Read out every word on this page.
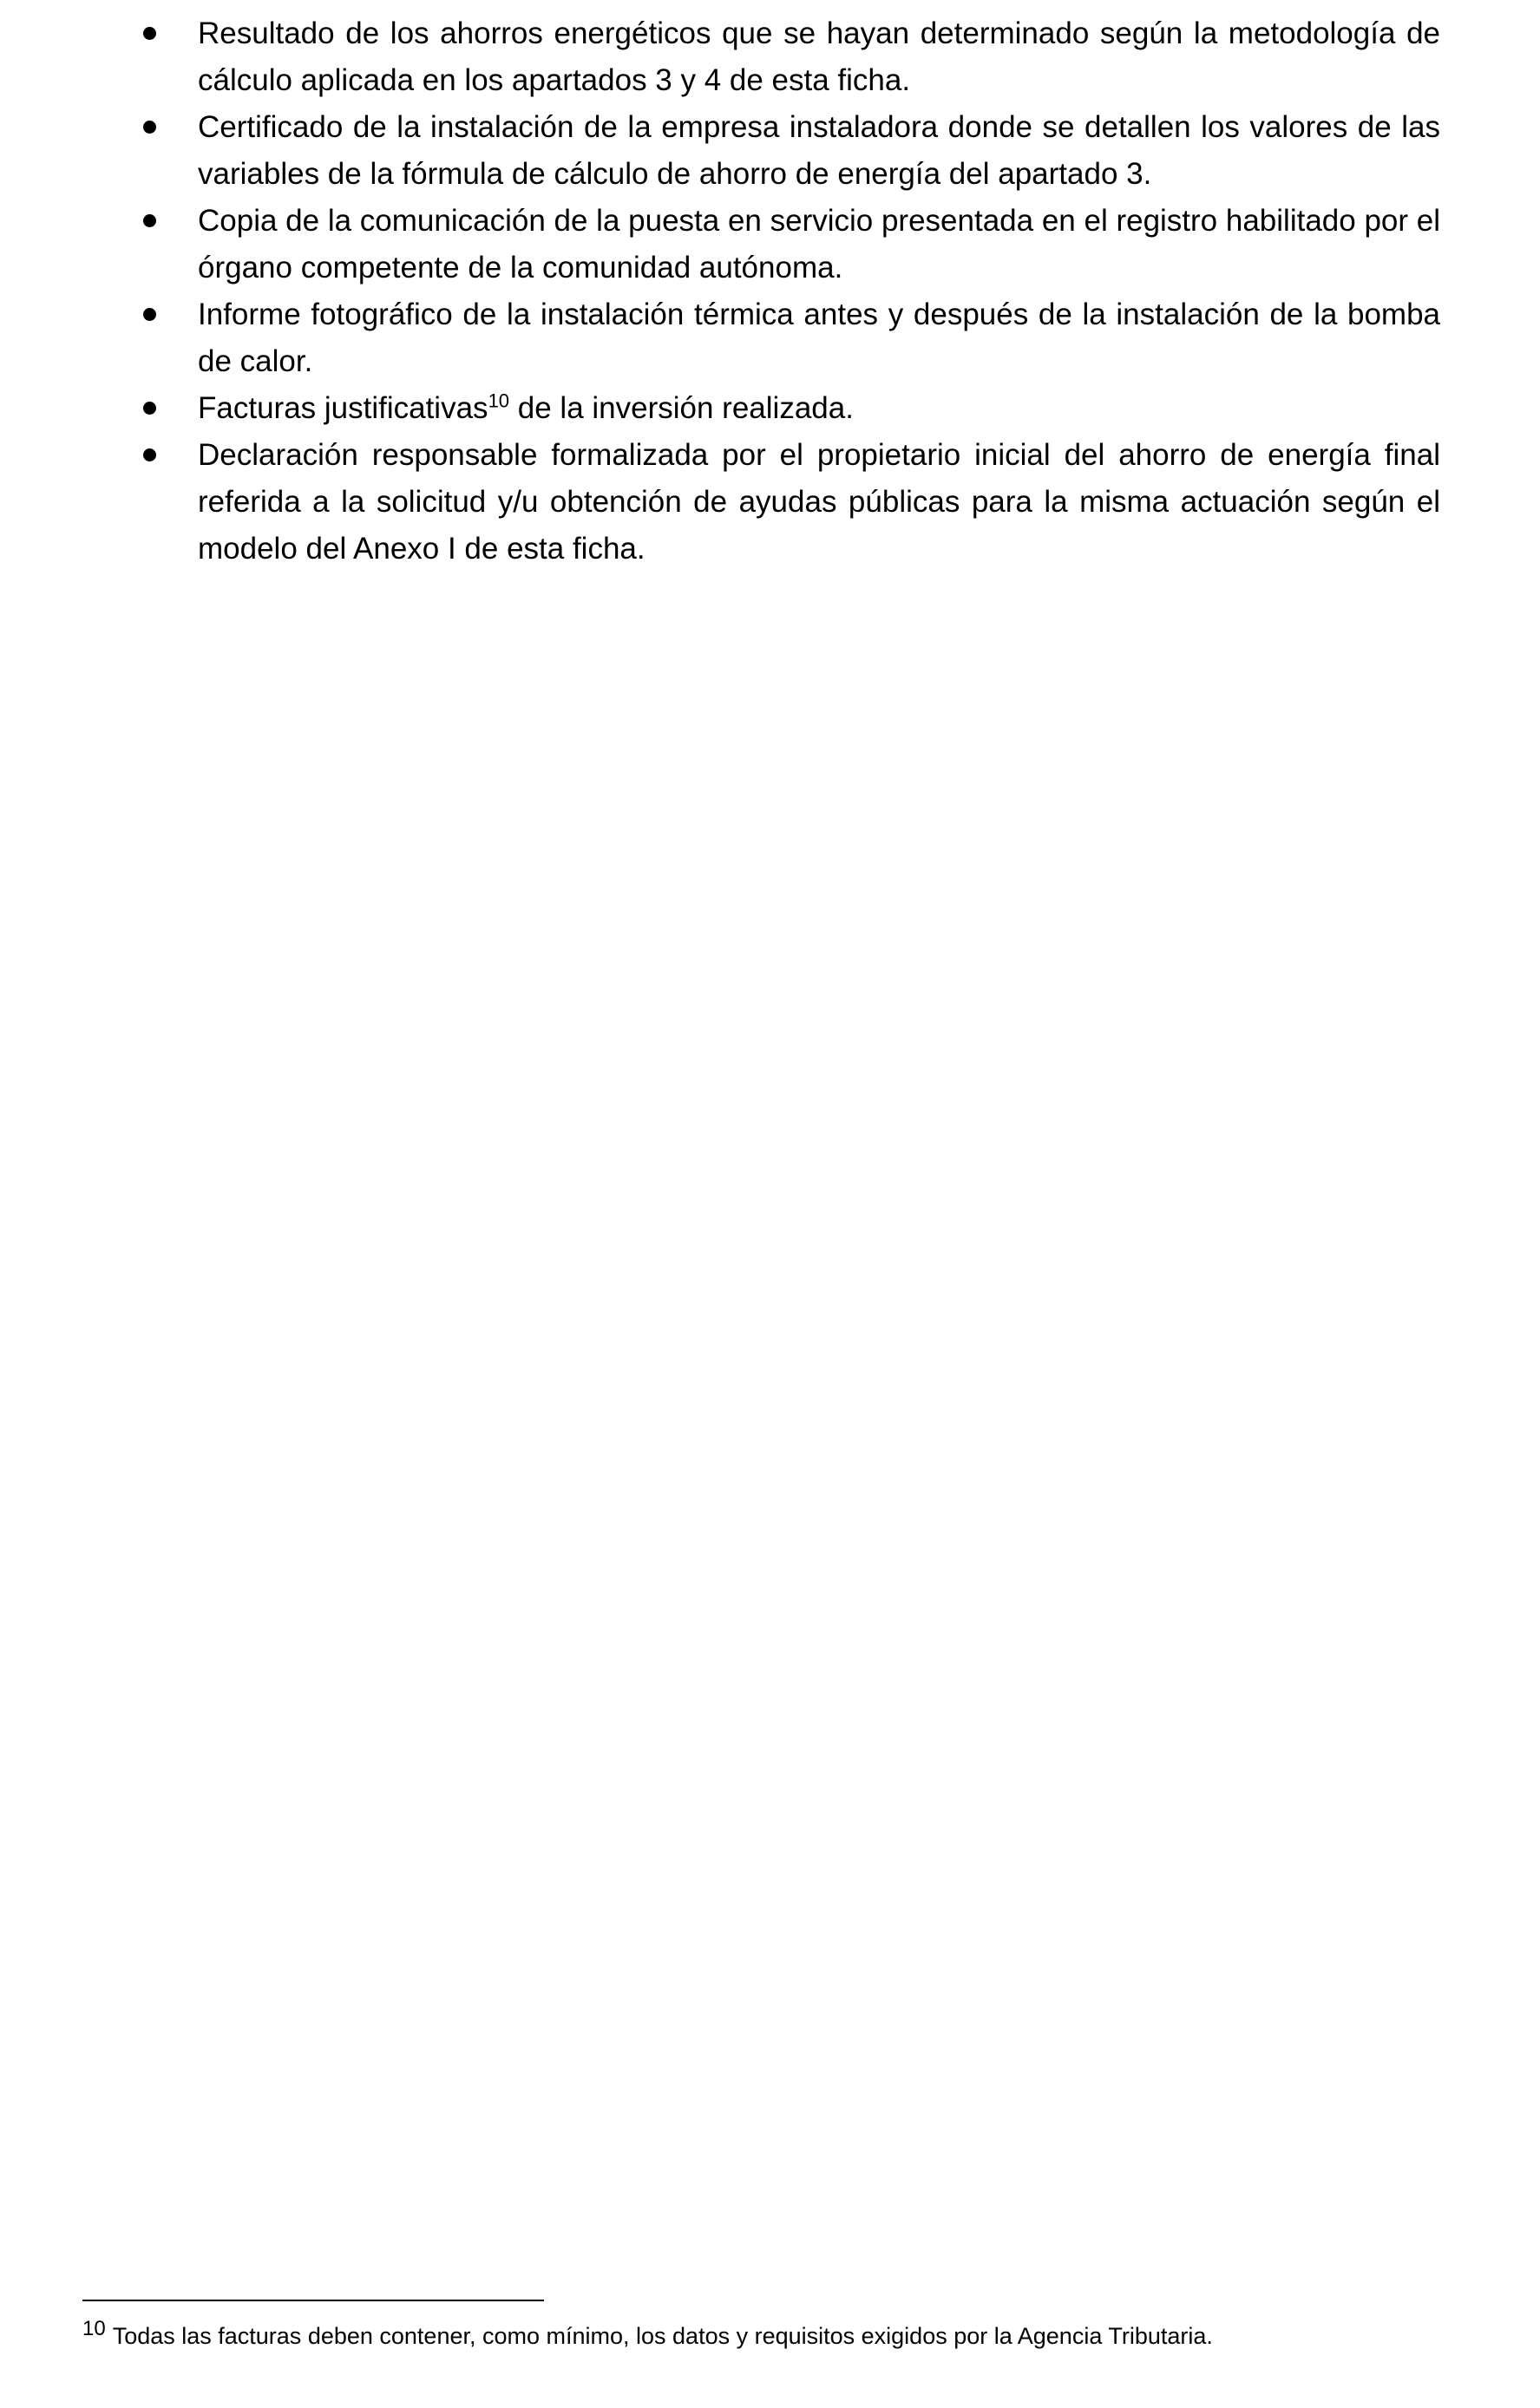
Resultado de los ahorros energéticos que se hayan determinado según la metodología de cálculo aplicada en los apartados 3 y 4 de esta ficha.
Certificado de la instalación de la empresa instaladora donde se detallen los valores de las variables de la fórmula de cálculo de ahorro de energía del apartado 3.
Copia de la comunicación de la puesta en servicio presentada en el registro habilitado por el órgano competente de la comunidad autónoma.
Informe fotográfico de la instalación térmica antes y después de la instalación de la bomba de calor.
Facturas justificativas$^{10}$ de la inversión realizada.
Declaración responsable formalizada por el propietario inicial del ahorro de energía final referida a la solicitud y/u obtención de ayudas públicas para la misma actuación según el modelo del Anexo I de esta ficha.
$^{10}$ Todas las facturas deben contener, como mínimo, los datos y requisitos exigidos por la Agencia Tributaria.
